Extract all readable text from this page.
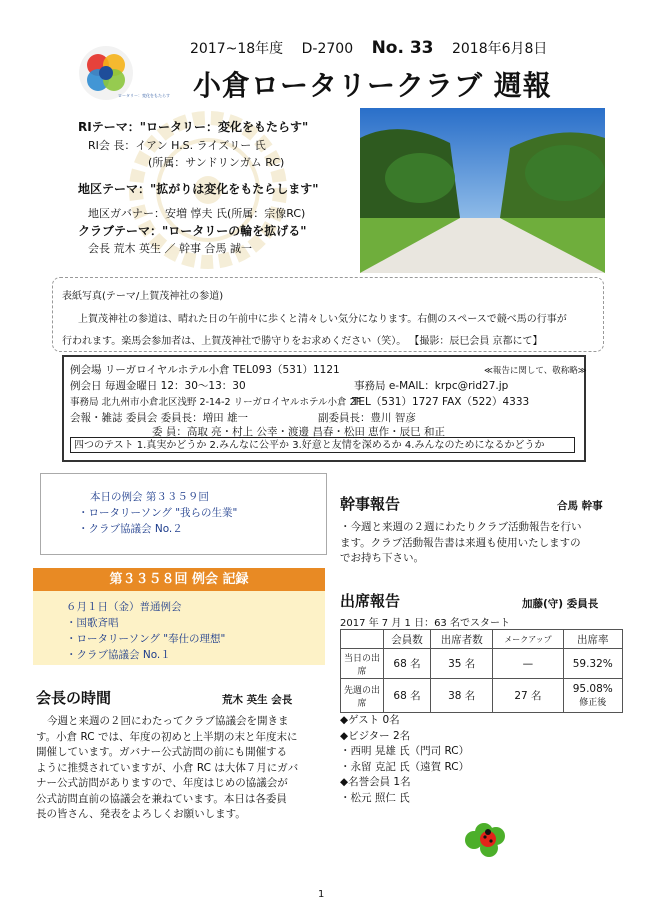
ロータリー：変化をもたらす
2017~18年度 D-2700 No. 33 2018年6月8日
小倉ロータリークラブ 週報
RIテーマ："ロータリー：変化をもたらす"
RI会 長：イアン H.S. ライズリー 氏
(所属：サンドリンガム RC)
地区テーマ："拡がりは変化をもたらします"
地区ガバナー：安増 惇夫 氏(所属：宗像RC)
クラブテーマ："ロータリーの輪を拡げる"
会長 荒木 英生 ／ 幹事 合馬 誠一
表紙写真(テーマ/上賀茂神社の参道)
上賀茂神社の参道は、晴れた日の午前中に歩くと清々しい気分になります。右側のスペースで競べ馬の行事が
行われます。楽馬会参加者は、上賀茂神社で勝守りをお求めください（笑）。 【撮影：辰巳会員 京都にて】
例会場 リーガロイヤルホテル小倉 TEL093（531）1121	≪報告に関して、敬称略≫
例会日 毎週金曜日 12：30～13：30	事務局 e-MAIL：krpc@rid27.jp
事務局 北九州市小倉北区浅野 2-14-2 リーガロイヤルホテル小倉 2F
TEL（531）1727 FAX（522）4333
会報・雑誌 委員会 委員長：増田 雄一	副委員長：豊川 智彦
委 員：高取 亮・村上 公幸・渡邊 昌春・松田 恵作・辰巳 和正
四つのテスト 1.真実かどうか 2.みんなに公平か 3.好意と友情を深めるか 4.みんなのためになるかどうか
本日の例会 第３３５９回
・ロータリーソング "我らの生業"
・クラブ協議会 No.２
第３３５８回 例会 記録
６月１日（金）普通例会
・国歌斉唱
・ロータリーソング "奉仕の理想"
・クラブ協議会 No.１
会長の時間	荒木 英生 会長
今週と来週の２回にわたってクラブ協議会を開きま
す。小倉 RC では、年度の初めと上半期の末と年度末に
開催しています。ガバナー公式訪問の前にも開催する
ように推奨されていますが、小倉 RC は大体７月にガバ
ナー公式訪問がありますので、年度はじめの協議会が
公式訪問直前の協議会を兼ねています。本日は各委員
長の皆さん、発表をよろしくお願いします。
幹事報告	合馬 幹事
・今週と来週の２週にわたりクラブ活動報告を行い
ます。クラブ活動報告書は来週も使用いたしますの
でお持ち下さい。
出席報告	加藤(守) 委員長
2017 年 7 月 1 日：63 名でスタート
	会員数	出席者数	メークアップ	出席率
当日の出席	68 名	35 名	—	59.32%
先週の出席	68 名	38 名	27 名	95.08%
修正後
◆ゲスト 0名
◆ビジター 2名
・西明 晃雄 氏（門司 RC）
・永留 克記 氏（遠賀 RC）
◆名誉会員 1名
・松元 照仁 氏
1
